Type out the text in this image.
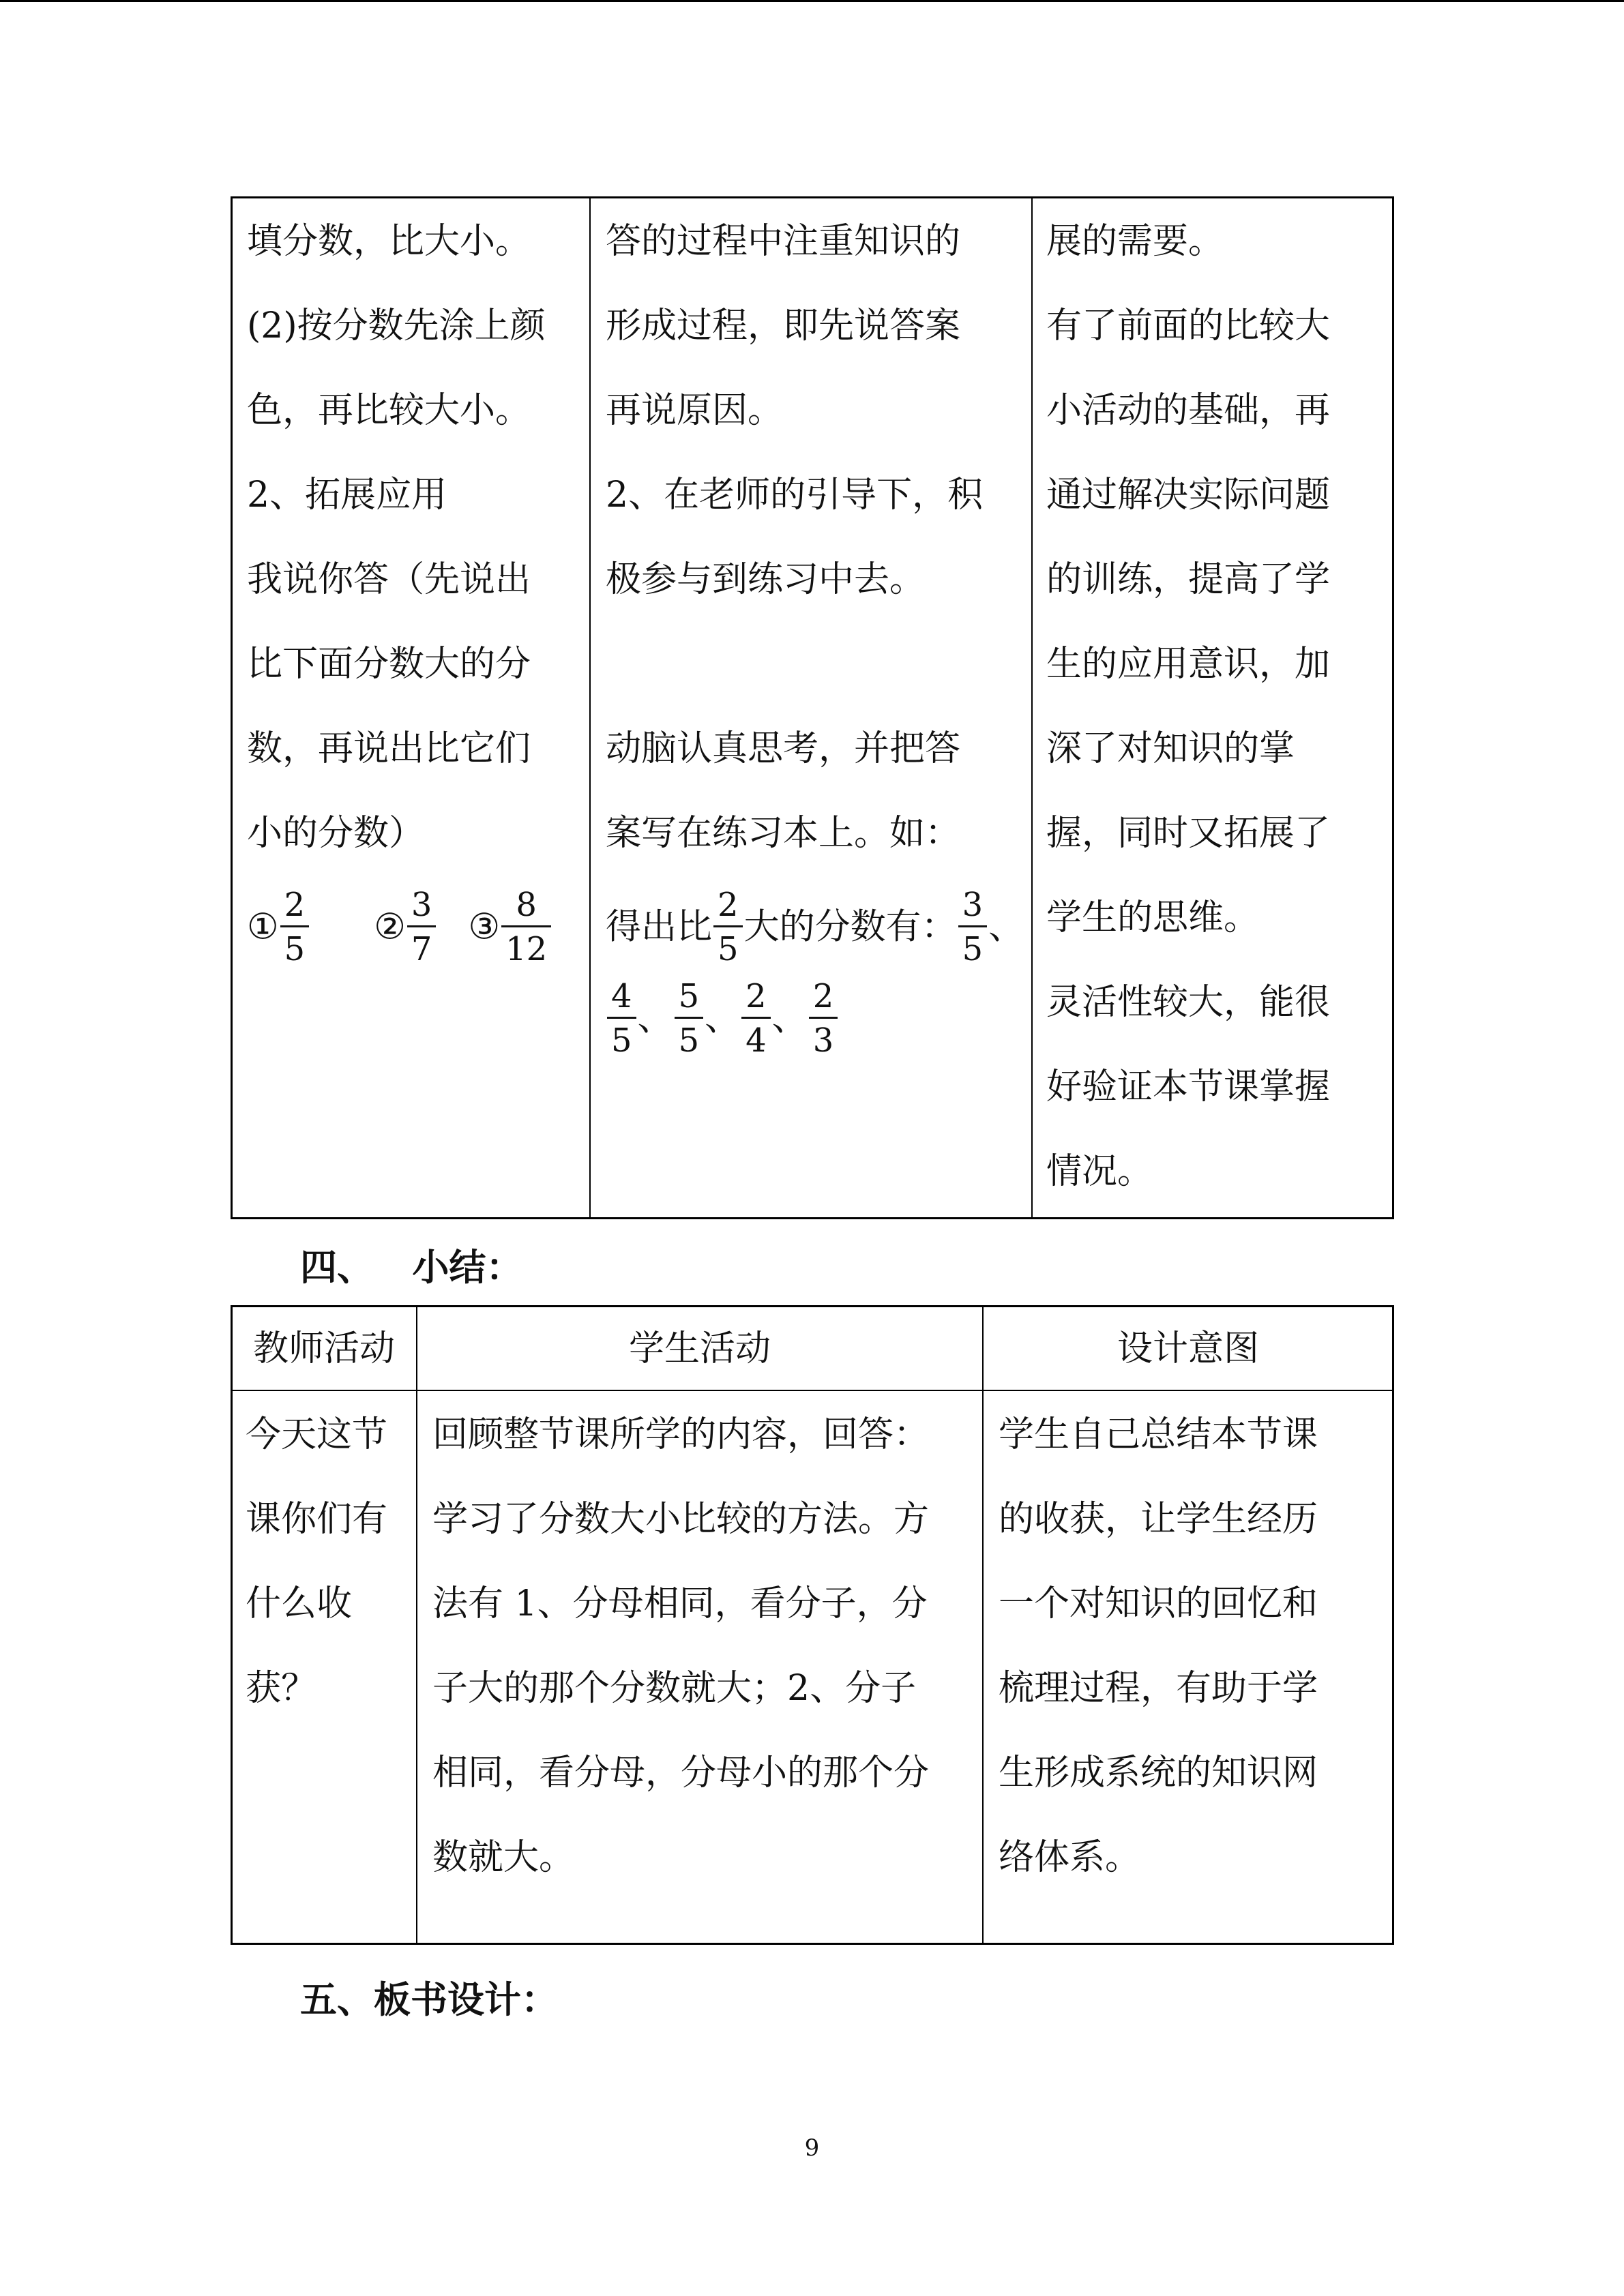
填分数，比大小。
(2)按分数先涂上颜
色，再比较大小。
2、拓展应用
我说你答（先说出
比下面分数大的分
数，再说出比它们
小的分数）
① $\frac{2}{5}$ ② $\frac{3}{7}$ ③ $\frac{8}{12}$
答的过程中注重知识的
形成过程，即先说答案
再说原因。
2、在老师的引导下，积
极参与到练习中去。
动脑认真思考，并把答
案写在练习本上。如：
得出比 $\frac{2}{5}$ 大的分数有： $\frac{3}{5}$ 、
$\frac{4}{5}$ 、 $\frac{5}{5}$ 、 $\frac{2}{4}$ 、 $\frac{2}{3}$
展的需要。
有了前面的比较大
小活动的基础，再
通过解决实际问题
的训练，提高了学
生的应用意识，加
深了对知识的掌
握，同时又拓展了
学生的思维。
灵活性较大，能很
好验证本节课掌握
情况。
四、   小结：
教师活动	学生活动	设计意图
今天这节
课你们有
什么收
获？
回顾整节课所学的内容，回答：
学习了分数大小比较的方法。方
法有 1、分母相同，看分子，分
子大的那个分数就大；2、分子
相同，看分母，分母小的那个分
数就大。
学生自己总结本节课
的收获，让学生经历
一个对知识的回忆和
梳理过程，有助于学
生形成系统的知识网
络体系。
五、板书设计：
9
